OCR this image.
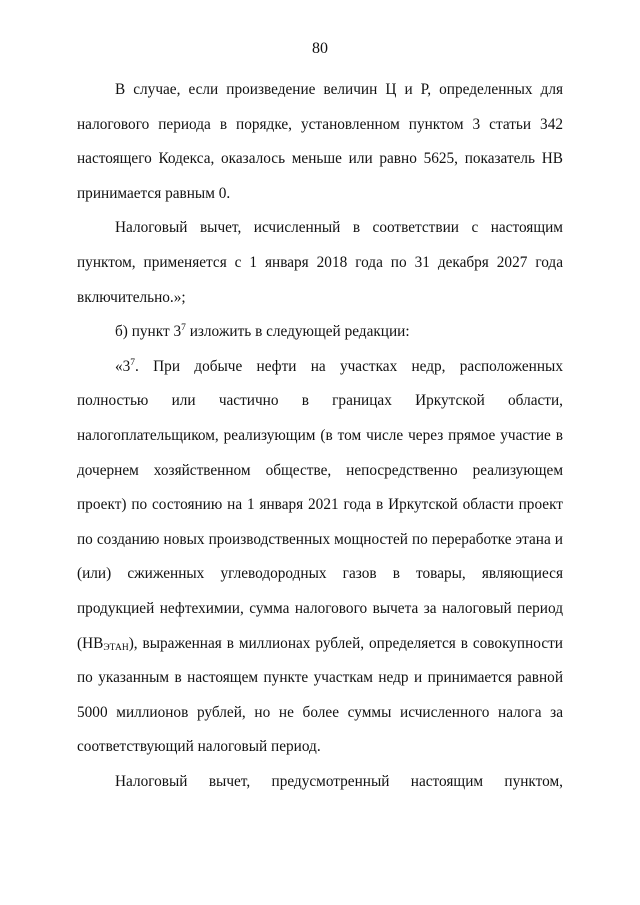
80

В случае, если произведение величин Ц и Р, определенных для налогового периода в порядке, установленном пунктом 3 статьи 342 настоящего Кодекса, оказалось меньше или равно 5625, показатель НВ принимается равным 0.

Налоговый вычет, исчисленный в соответствии с настоящим пунктом, применяется с 1 января 2018 года по 31 декабря 2027 года включительно.»;

б) пункт $3^7$ изложить в следующей редакции:

«$3^7$. При добыче нефти на участках недр, расположенных полностью или частично в границах Иркутской области, налогоплательщиком, реализующим (в том числе через прямое участие в дочернем хозяйственном обществе, непосредственно реализующем проект) по состоянию на 1 января 2021 года в Иркутской области проект по созданию новых производственных мощностей по переработке этана и (или) сжиженных углеводородных газов в товары, являющиеся продукцией нефтехимии, сумма налогового вычета за налоговый период $(НВ_{ЭТАН})$, выраженная в миллионах рублей, определяется в совокупности по указанным в настоящем пункте участкам недр и принимается равной 5000 миллионов рублей, но не более суммы исчисленного налога за соответствующий налоговый период.

Налоговый вычет, предусмотренный настоящим пунктом,
